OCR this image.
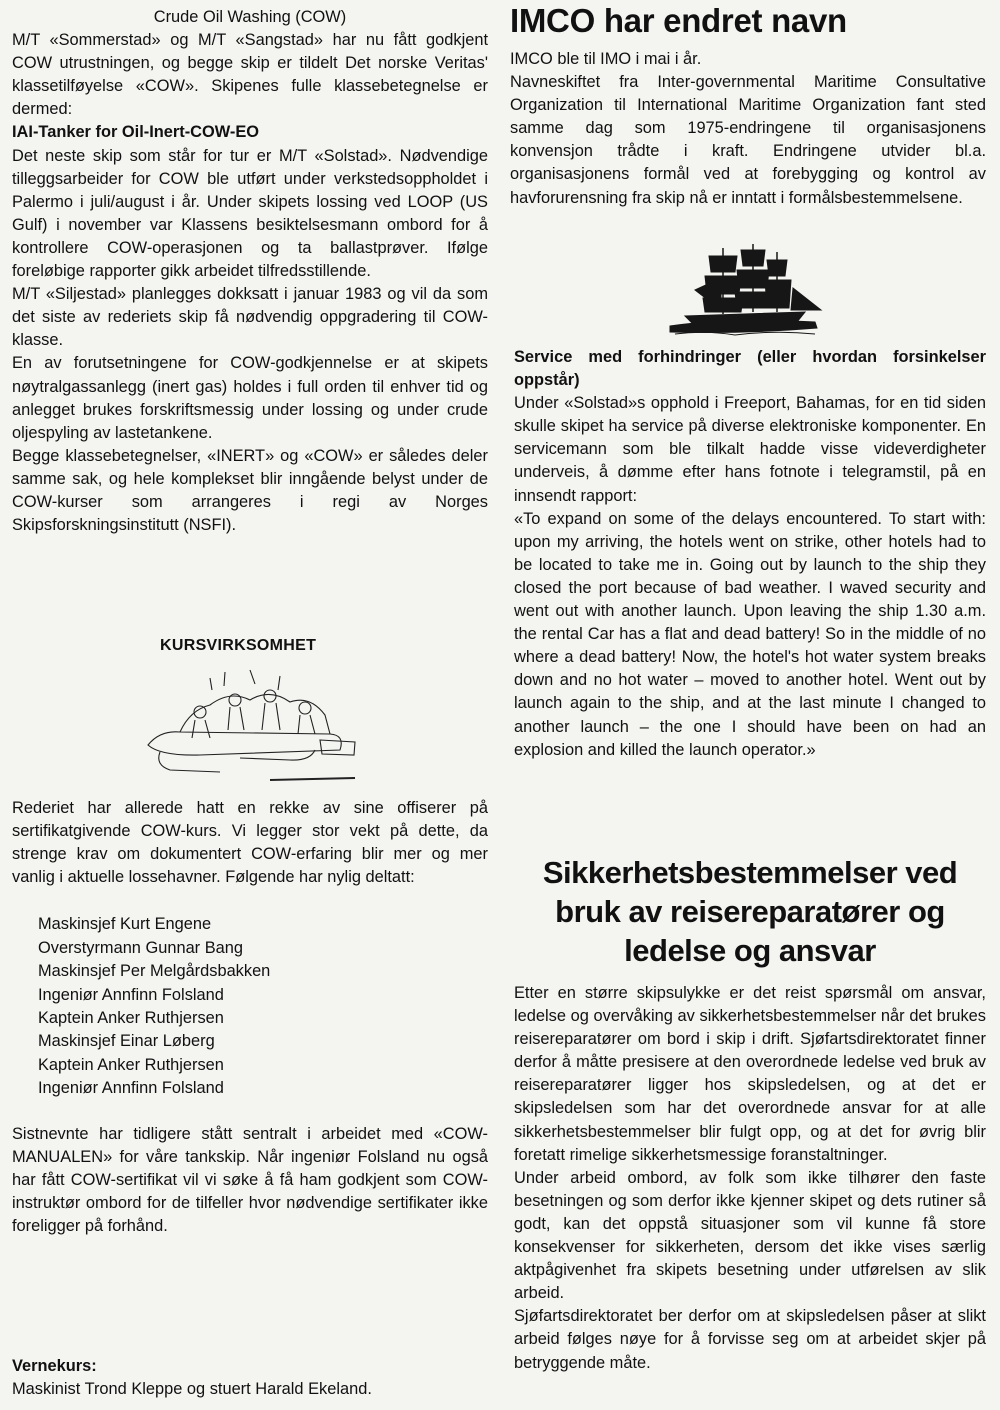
Crude Oil Washing (COW)

M/T «Sommerstad» og M/T «Sangstad» har nu fått godkjent COW utrustningen, og begge skip er tildelt Det norske Veritas' klassetilføyelse «COW». Skipenes fulle klassebetegnelse er dermed:

IAI-Tanker for Oil-Inert-COW-EO

Det neste skip som står for tur er M/T «Solstad». Nødvendige tilleggsarbeider for COW ble utført under verkstedsoppholdet i Palermo i juli/august i år. Under skipets lossing ved LOOP (US Gulf) i november var Klassens besiktelsesmann ombord for å kontrollere COW-operasjonen og ta ballastprøver. Ifølge foreløbige rapporter gikk arbeidet tilfredsstillende.

M/T «Siljestad» planlegges dokksatt i januar 1983 og vil da som det siste av rederiets skip få nødvendig oppgradering til COW-klasse.

En av forutsetningene for COW-godkjennelse er at skipets nøytralgassanlegg (inert gas) holdes i full orden til enhver tid og anlegget brukes forskriftsmessig under lossing og under crude oljespyling av lastetankene.

Begge klassebetegnelser, «INERT» og «COW» er således deler samme sak, og hele komplekset blir inngående belyst under de COW-kurser som arrangeres i regi av Norges Skipsforskningsinstitutt (NSFI).

KURSVIRKSOMHET

Rederiet har allerede hatt en rekke av sine offiserer på sertifikatgivende COW-kurs. Vi legger stor vekt på dette, da strenge krav om dokumentert COW-erfaring blir mer og mer vanlig i aktuelle lossehavner. Følgende har nylig deltatt:

Maskinsjef Kurt Engene
Overstyrmann Gunnar Bang
Maskinsjef Per Melgårdsbakken
Ingeniør Annfinn Folsland
Kaptein Anker Ruthjersen
Maskinsjef Einar Løberg
Kaptein Anker Ruthjersen
Ingeniør Annfinn Folsland

Sistnevnte har tidligere stått sentralt i arbeidet med «COW-MANUALEN» for våre tankskip. Når ingeniør Folsland nu også har fått COW-sertifikat vil vi søke å få ham godkjent som COW-instruktør ombord for de tilfeller hvor nødvendige sertifikater ikke foreligger på forhånd.

Vernekurs:

Maskinist Trond Kleppe og stuert Harald Ekeland.

IMCO har endret navn

IMCO ble til IMO i mai i år.

Navneskiftet fra Inter-governmental Maritime Consultative Organization til International Maritime Organization fant sted samme dag som 1975-endringene til organisasjonens konvensjon trådte i kraft. Endringene utvider bl.a. organisasjonens formål ved at forebygging og kontrol av havforurensning fra skip nå er inntatt i formålsbestemmelsene.

Service med forhindringer (eller hvordan forsinkelser oppstår)

Under «Solstad»s opphold i Freeport, Bahamas, for en tid siden skulle skipet ha service på diverse elektroniske komponenter. En servicemann som ble tilkalt hadde visse videverdigheter underveis, å dømme efter hans fotnote i telegramstil, på en innsendt rapport:

«To expand on some of the delays encountered. To start with: upon my arriving, the hotels went on strike, other hotels had to be located to take me in. Going out by launch to the ship they closed the port because of bad weather. I waved security and went out with another launch. Upon leaving the ship 1.30 a.m. the rental Car has a flat and dead battery! So in the middle of no where a dead battery! Now, the hotel's hot water system breaks down and no hot water – moved to another hotel. Went out by launch again to the ship, and at the last minute I changed to another launch – the one I should have been on had an explosion and killed the launch operator.»

Sikkerhetsbestemmelser ved bruk av reisereparatører og ledelse og ansvar

Etter en større skipsulykke er det reist spørsmål om ansvar, ledelse og overvåking av sikkerhetsbestemmelser når det brukes reisereparatører om bord i skip i drift. Sjøfartsdirektoratet finner derfor å måtte presisere at den overordnede ledelse ved bruk av reisereparatører ligger hos skipsledelsen, og at det er skipsledelsen som har det overordnede ansvar for at alle sikkerhetsbestemmelser blir fulgt opp, og at det for øvrig blir foretatt rimelige sikkerhetsmessige foranstaltninger.

Under arbeid ombord, av folk som ikke tilhører den faste besetningen og som derfor ikke kjenner skipet og dets rutiner så godt, kan det oppstå situasjoner som vil kunne få store konsekvenser for sikkerheten, dersom det ikke vises særlig aktpågivenhet fra skipets besetning under utførelsen av slik arbeid.

Sjøfartsdirektoratet ber derfor om at skipsledelsen påser at slikt arbeid følges nøye for å forvisse seg om at arbeidet skjer på betryggende måte.
